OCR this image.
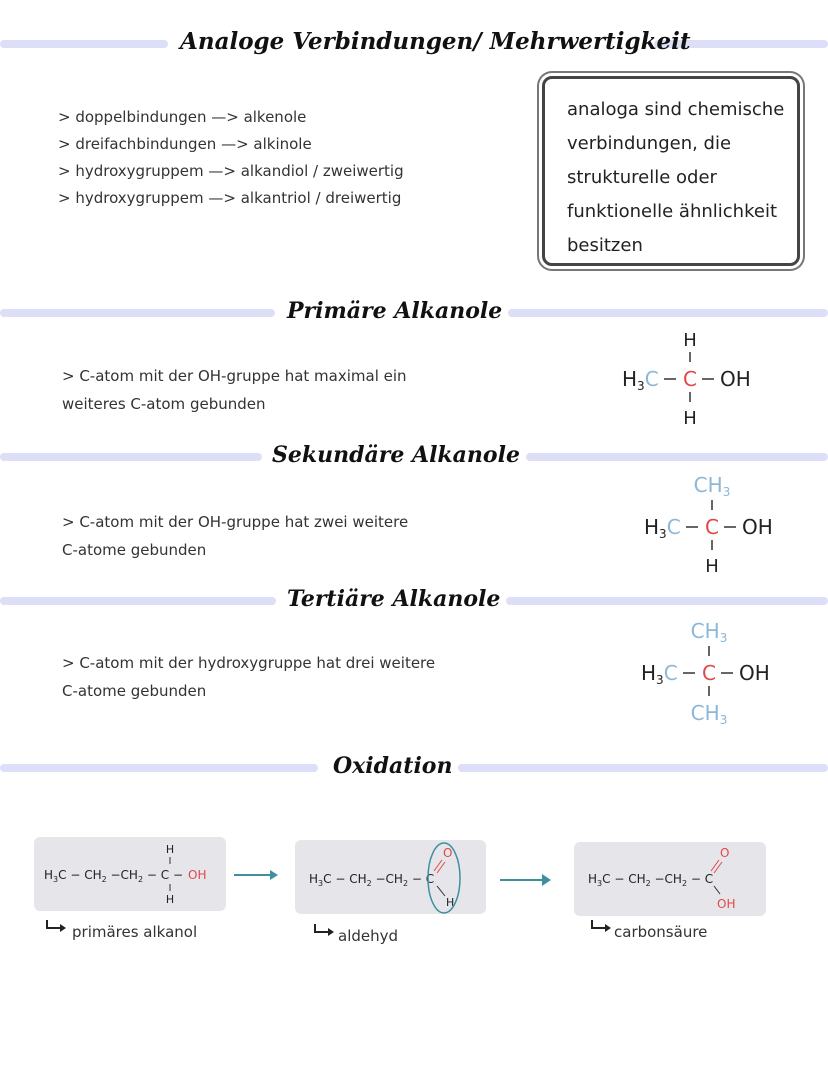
Analoge Verbindungen/ Mehrwertigkeit
> doppelbindungen —> alkenole
> dreifachbindungen —> alkinole
> hydroxygruppem —> alkandiol / zweiwertig
> hydroxygruppem —> alkantriol / dreiwertig
analoga sind chemische
verbindungen, die
strukturelle oder
funktionelle ähnlichkeit
besitzen
Primäre Alkanole
> C-atom mit der OH-gruppe hat maximal ein
weiteres C-atom gebunden
H
$H_3C$ C OH
H
Sekundäre Alkanole
> C-atom mit der OH-gruppe hat zwei weitere
C-atome gebunden
$CH_3$
$H_3C$ C OH
H
Tertiäre Alkanole
> C-atom mit der hydroxygruppe hat drei weitere
C-atome gebunden
$CH_3$
$H_3C$ C OH
$CH_3$
Oxidation
H
$H_3C - CH_2 -CH_2 - C$ − OH
H
primäres alkanol
$H_3C - CH_2 -CH_2 - C$
O
H
aldehyd
$H_3C - CH_2 -CH_2 - C$
O
OH
carbonsäure
